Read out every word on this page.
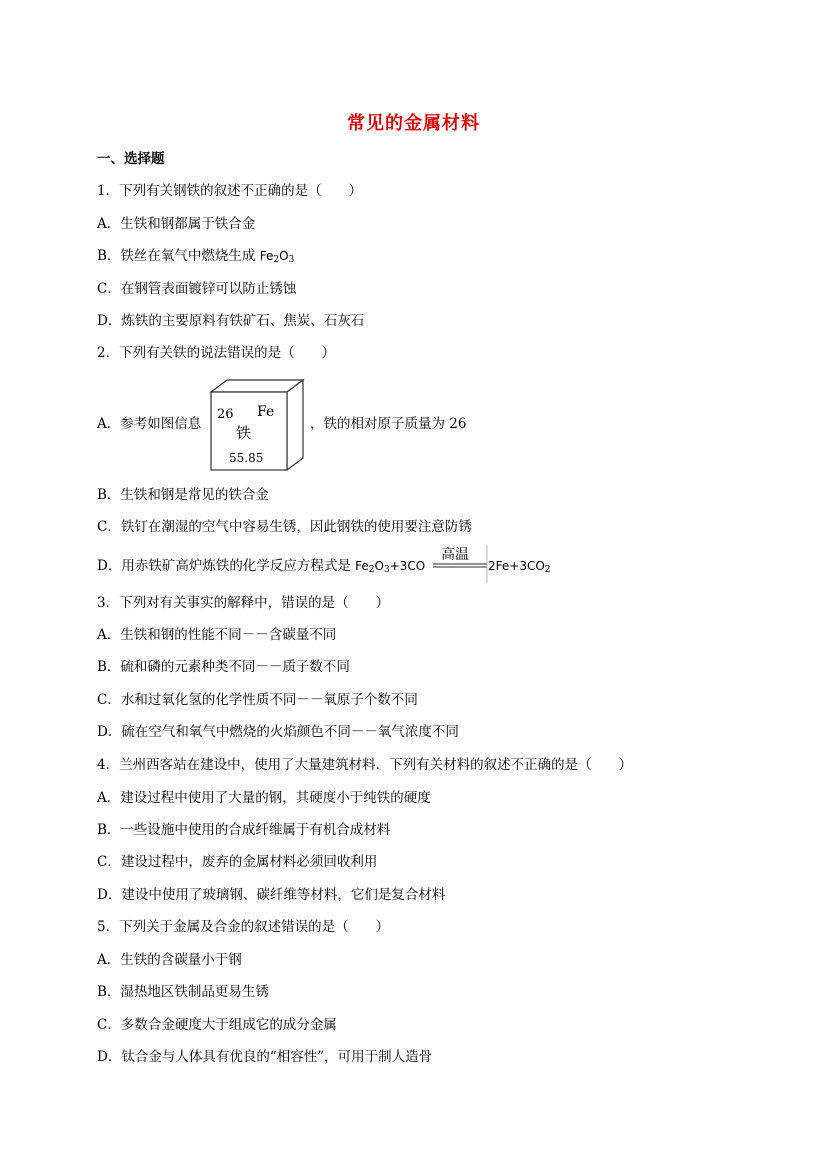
常见的金属材料
一、选择题
1．下列有关钢铁的叙述不正确的是（　　）
A．生铁和钢都属于铁合金
B．铁丝在氧气中燃烧生成 $Fe_2O_3$
C．在钢管表面镀锌可以防止锈蚀
D．炼铁的主要原料有铁矿石、焦炭、石灰石
2．下列有关铁的说法错误的是（　　）
A．参考如图信息
26 Fe
铁
55.85
，铁的相对原子质量为 26
B．生铁和钢是常见的铁合金
C．铁钉在潮湿的空气中容易生锈，因此钢铁的使用要注意防锈
D．用赤铁矿高炉炼铁的化学反应方程式是 $Fe_2O_3+3CO$
高温
$2Fe+3CO_2$
3．下列对有关事实的解释中，错误的是（　　）
A．生铁和钢的性能不同－－含碳量不同
B．硫和磷的元素种类不同－－质子数不同
C．水和过氧化氢的化学性质不同－－氧原子个数不同
D．硫在空气和氧气中燃烧的火焰颜色不同－－氧气浓度不同
4．兰州西客站在建设中，使用了大量建筑材料．下列有关材料的叙述不正确的是（　　）
A．建设过程中使用了大量的钢，其硬度小于纯铁的硬度
B．一些设施中使用的合成纤维属于有机合成材料
C．建设过程中，废弃的金属材料必须回收利用
D．建设中使用了玻璃钢、碳纤维等材料，它们是复合材料
5．下列关于金属及合金的叙述错误的是（　　）
A．生铁的含碳量小于钢
B．湿热地区铁制品更易生锈
C．多数合金硬度大于组成它的成分金属
D．钛合金与人体具有优良的“相容性”，可用于制人造骨
